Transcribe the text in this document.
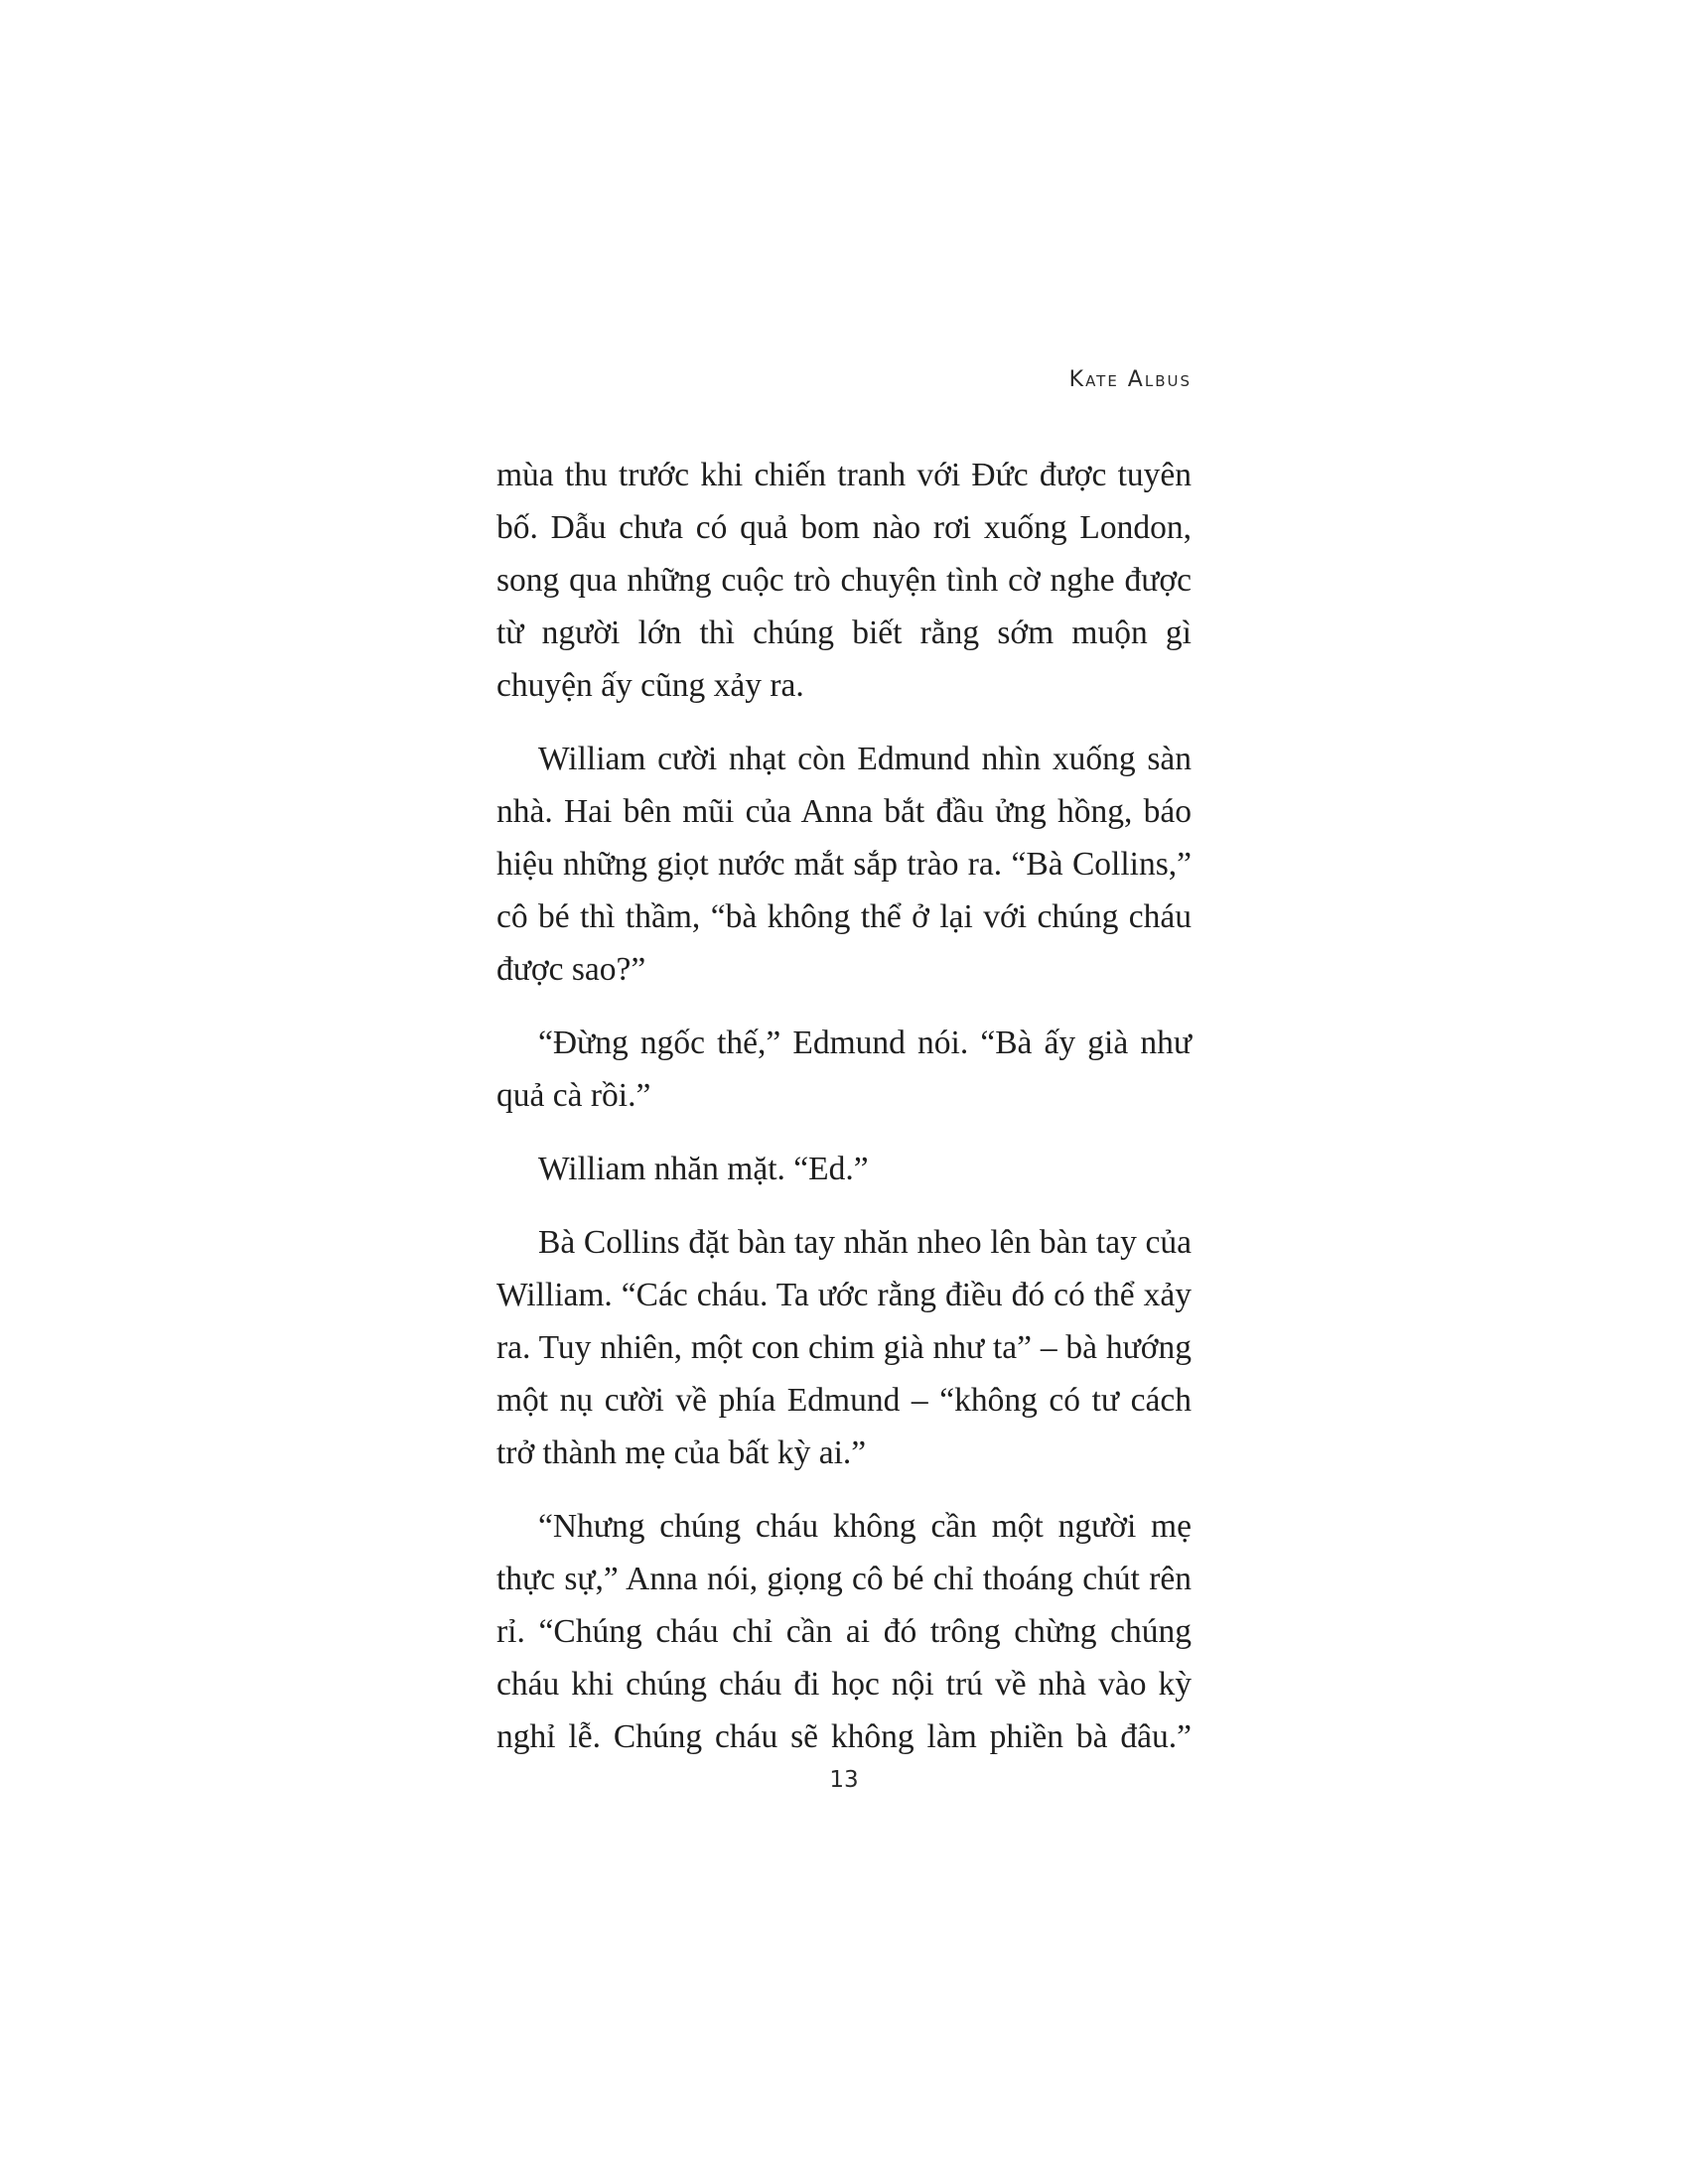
Kate Albus

mùa thu trước khi chiến tranh với Đức được tuyên bố. Dẫu chưa có quả bom nào rơi xuống London, song qua những cuộc trò chuyện tình cờ nghe được từ người lớn thì chúng biết rằng sớm muộn gì chuyện ấy cũng xảy ra.

William cười nhạt còn Edmund nhìn xuống sàn nhà. Hai bên mũi của Anna bắt đầu ửng hồng, báo hiệu những giọt nước mắt sắp trào ra. “Bà Collins,” cô bé thì thầm, “bà không thể ở lại với chúng cháu được sao?”

“Đừng ngốc thế,” Edmund nói. “Bà ấy già như quả cà rồi.”

William nhăn mặt. “Ed.”

Bà Collins đặt bàn tay nhăn nheo lên bàn tay của William. “Các cháu. Ta ước rằng điều đó có thể xảy ra. Tuy nhiên, một con chim già như ta” – bà hướng một nụ cười về phía Edmund – “không có tư cách trở thành mẹ của bất kỳ ai.”

“Nhưng chúng cháu không cần một người mẹ thực sự,” Anna nói, giọng cô bé chỉ thoáng chút rên rỉ. “Chúng cháu chỉ cần ai đó trông chừng chúng cháu khi chúng cháu đi học nội trú về nhà vào kỳ nghỉ lễ. Chúng cháu sẽ không làm phiền bà đâu.”

13
